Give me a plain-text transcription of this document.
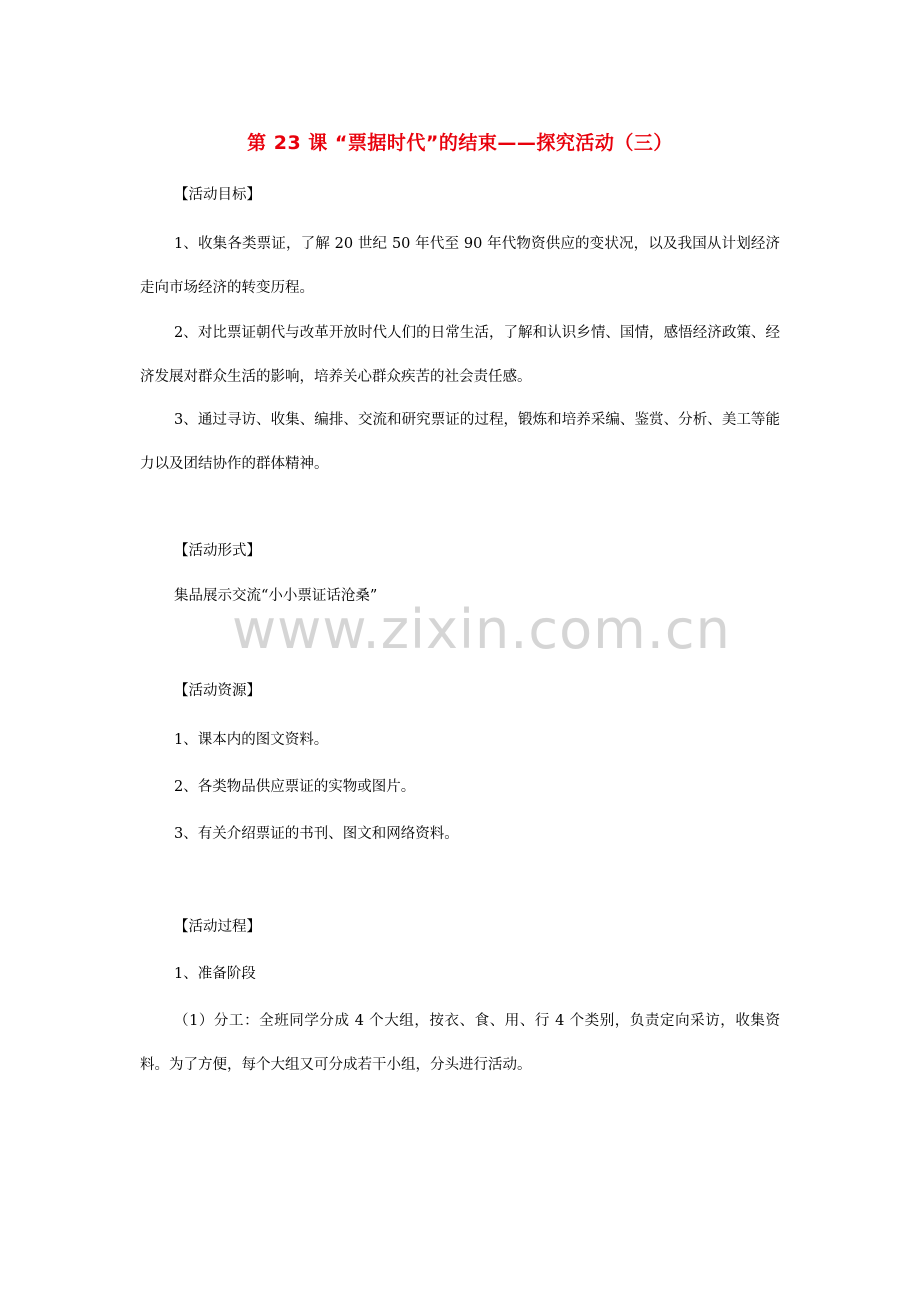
第 23 课 “票据时代”的结束——探究活动（三）
【活动目标】

1、收集各类票证，了解 20 世纪 50 年代至 90 年代物资供应的变状况，以及我国从计划经济走向市场经济的转变历程。

2、对比票证朝代与改革开放时代人们的日常生活，了解和认识乡情、国情，感悟经济政策、经济发展对群众生活的影响，培养关心群众疾苦的社会责任感。

3、通过寻访、收集、编排、交流和研究票证的过程，锻炼和培养采编、鉴赏、分析、美工等能力以及团结协作的群体精神。

【活动形式】
集品展示交流“小小票证话沧桑”
【活动资源】
1、课本内的图文资料。
2、各类物品供应票证的实物或图片。
3、有关介绍票证的书刊、图文和网络资料。
【活动过程】
1、准备阶段

（1）分工：全班同学分成 4 个大组，按衣、食、用、行 4 个类别，负责定向采访，收集资料。为了方便，每个大组又可分成若干小组，分头进行活动。

www.zixin.com.cn
